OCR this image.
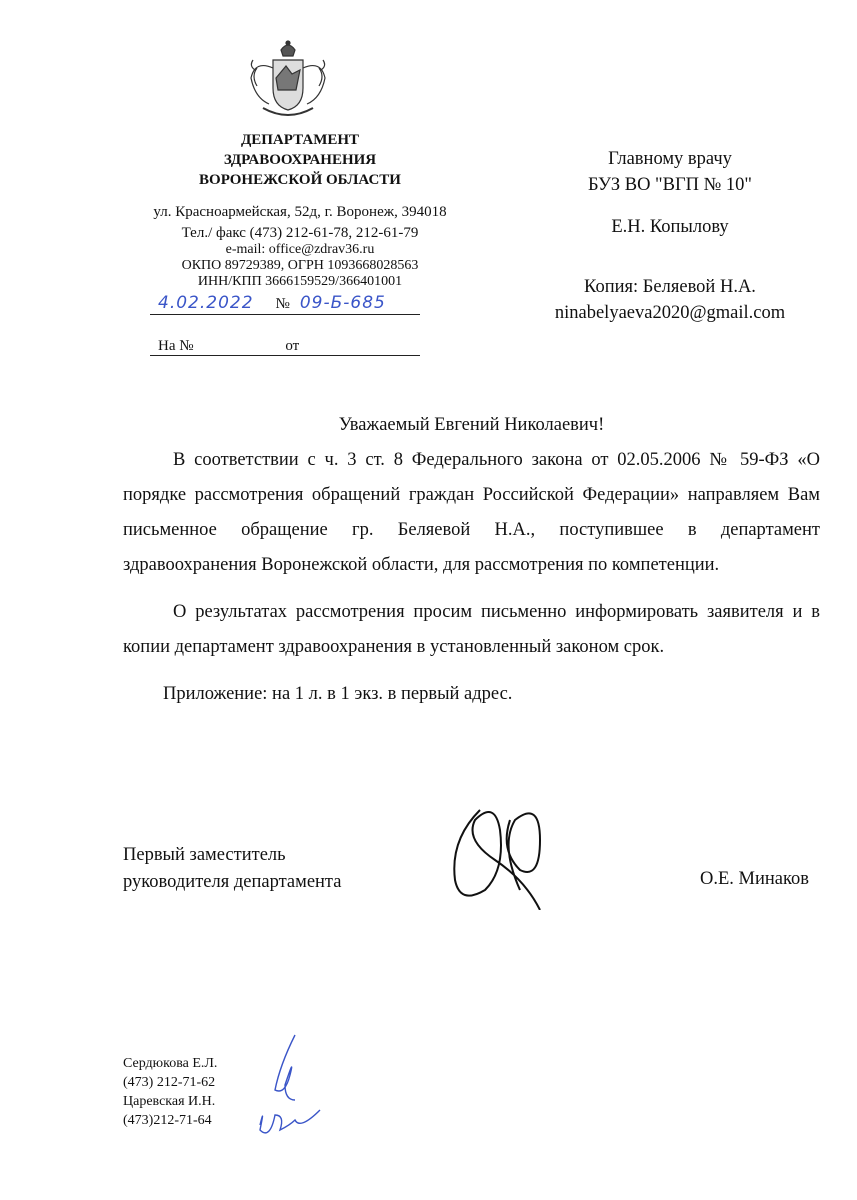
ДЕПАРТАМЕНТ
ЗДРАВООХРАНЕНИЯ
ВОРОНЕЖСКОЙ ОБЛАСТИ
ул. Красноармейская, 52д, г. Воронеж, 394018
Тел./ факс (473) 212-61-78, 212-61-79
e-mail: office@zdrav36.ru
ОКПО 89729389, ОГРН 1093668028563
ИНН/КПП 3666159529/366401001
4.02.2022 № 09-Б-685
На №	от
Главному врачу
БУЗ ВО "ВГП № 10"
Е.Н. Копылову
Копия: Беляевой Н.А.
ninabelyaeva2020@gmail.com
Уважаемый Евгений Николаевич!

В соответствии с ч. 3 ст. 8 Федерального закона от 02.05.2006 № 59-ФЗ «О порядке рассмотрения обращений граждан Российской Федерации» направляем Вам письменное обращение гр. Беляевой Н.А., поступившее в департамент здравоохранения Воронежской области, для рассмотрения по компетенции.

О результатах рассмотрения просим письменно информировать заявителя и в копии департамент здравоохранения в установленный законом срок.

Приложение: на 1 л. в 1 экз. в первый адрес.

Первый заместитель
руководителя департамента	О.Е. Минаков
Сердюкова Е.Л.
(473) 212-71-62
Царевская И.Н.
(473)212-71-64
